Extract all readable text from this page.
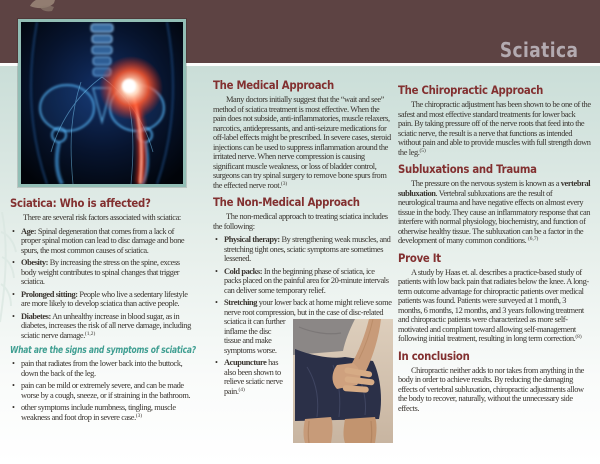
Sciatica
Sciatica: Who is affected?

There are several risk factors associated with sciatica:

• Age: Spinal degeneration that comes from a lack of proper spinal motion can lead to disc damage and bone spurs, the most common causes of sciatica.
• Obesity: By increasing the stress on the spine, excess body weight contributes to spinal changes that trigger sciatica.
• Prolonged sitting: People who live a sedentary lifestyle are more likely to develop sciatica than active people.
• Diabetes: An unhealthy increase in blood sugar, as in diabetes, increases the risk of all nerve damage, including sciatic nerve damage.$^{(1,2)}$
What are the signs and symptoms of sciatica?
• pain that radiates from the lower back into the buttock, down the back of the leg.
• pain can be mild or extremely severe, and can be made worse by a cough, sneeze, or if straining in the bathroom.
• other symptoms include numbness, tingling, muscle weakness and foot drop in severe case.$^{(3)}$
The Medical Approach

Many doctors initially suggest that the “wait and see” method of sciatica treatment is most effective. When the pain does not subside, anti-inflammatories, muscle relaxers, narcotics, antidepressants, and anti-seizure medications for off-label effects might be prescribed. In severe cases, steroid injections can be used to suppress inflammation around the irritated nerve. When nerve compression is causing significant muscle weakness, or loss of bladder control, surgeons can try spinal surgery to remove bone spurs from the effected nerve root.$^{(3)}$

The Non-Medical Approach

The non-medical approach to treating sciatica includes the following:

• Physical therapy: By strengthening weak muscles, and stretching tight ones, sciatic symptoms are sometimes lessened.
• Cold packs: In the beginning phase of sciatica, ice packs placed on the painful area for 20-minute intervals can deliver some temporary relief.
• Stretching your lower back at home might relieve some nerve root compression, but in
the case of disc-related sciatica it can further inflame the disc tissue and make symptoms worse.
• Acupuncture has also been shown to relieve sciatic nerve pain.$^{(4)}$
The Chiropractic Approach

The chiropractic adjustment has been shown to be one of the safest and most effective standard treatments for lower back pain. By taking pressure off of the nerve roots that feed into the sciatic nerve, the result is a nerve that functions as intended without pain and able to provide muscles with full strength down the leg.$^{(5)}$

Subluxations and Trauma

The pressure on the nervous system is known as a vertebral subluxation. Vertebral subluxations are the result of neurological trauma and have negative effects on almost every tissue in the body. They cause an inflammatory response that can interfere with normal physiology, biochemistry, and function of otherwise healthy tissue. The subluxation can be a factor in the development of many common conditions. $^{(6,7)}$

Prove It

A study by Haas et. al. describes a practice-based study of patients with low back pain that radiates below the knee. A long-term outcome advantage for chiropractic patients over medical patients was found. Patients were surveyed at 1 month, 3 months, 6 months, 12 months, and 3 years following treatment and chiropractic patients were characterized as more self-motivated and compliant toward allowing self-management following initial treatment, resulting in long term correction.$^{(8)}$

In conclusion

Chiropractic neither adds to nor takes from anything in the body in order to achieve results. By reducing the damaging effects of vertebral subluxation, chiropractic adjustments allow the body to recover, naturally, without the unnecessary side effects.
